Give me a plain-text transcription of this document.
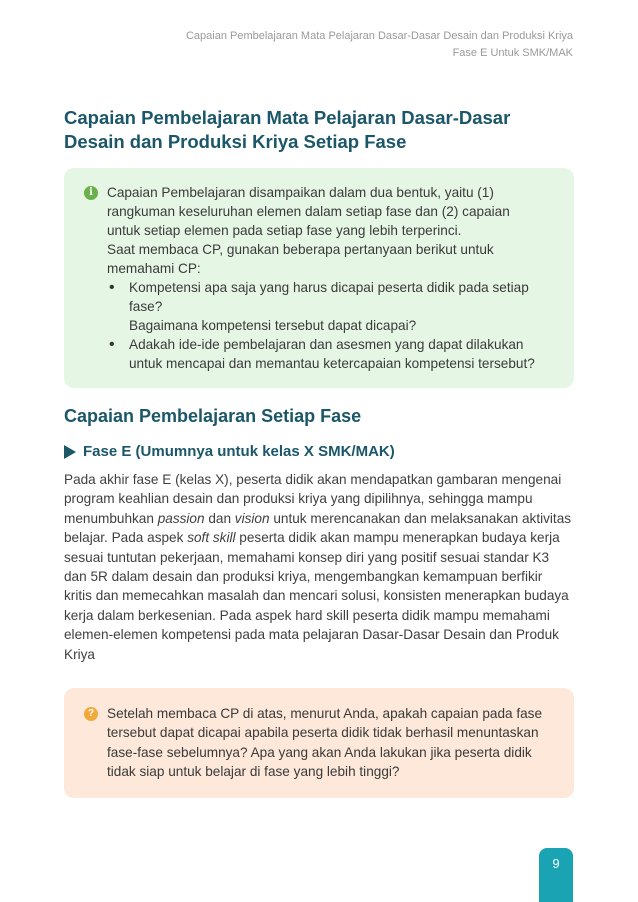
Capaian Pembelajaran Mata Pelajaran Dasar-Dasar Desain dan Produksi Kriya
Fase E Untuk SMK/MAK
Capaian Pembelajaran Mata Pelajaran Dasar-Dasar Desain dan Produksi Kriya Setiap Fase
i	Capaian Pembelajaran disampaikan dalam dua bentuk, yaitu (1) rangkuman keseluruhan elemen dalam setiap fase dan (2) capaian untuk setiap elemen pada setiap fase yang lebih terperinci.

Saat membaca CP, gunakan beberapa pertanyaan berikut untuk memahami CP:

• Kompetensi apa saja yang harus dicapai peserta didik pada setiap fase?
Bagaimana kompetensi tersebut dapat dicapai?
• Adakah ide-ide pembelajaran dan asesmen yang dapat dilakukan untuk mencapai dan memantau ketercapaian kompetensi tersebut?
Capaian Pembelajaran Setiap Fase
Fase E (Umumnya untuk kelas X SMK/MAK)

Pada akhir fase E (kelas X), peserta didik akan mendapatkan gambaran mengenai program keahlian desain dan produksi kriya yang dipilihnya, sehingga mampu menumbuhkan passion dan vision untuk merencanakan dan melaksanakan aktivitas belajar. Pada aspek soft skill peserta didik akan mampu menerapkan budaya kerja sesuai tuntutan pekerjaan, memahami konsep diri yang positif sesuai standar K3 dan 5R dalam desain dan produksi kriya, mengembangkan kemampuan berfikir kritis dan memecahkan masalah dan mencari solusi, konsisten menerapkan budaya kerja dalam berkesenian. Pada aspek hard skill peserta didik mampu memahami elemen-elemen kompetensi pada mata pelajaran Dasar-Dasar Desain dan Produk Kriya

? Setelah membaca CP di atas, menurut Anda, apakah capaian pada fase tersebut dapat dicapai apabila peserta didik tidak berhasil menuntaskan fase-fase sebelumnya? Apa yang akan Anda lakukan jika peserta didik tidak siap untuk belajar di fase yang lebih tinggi?

9
